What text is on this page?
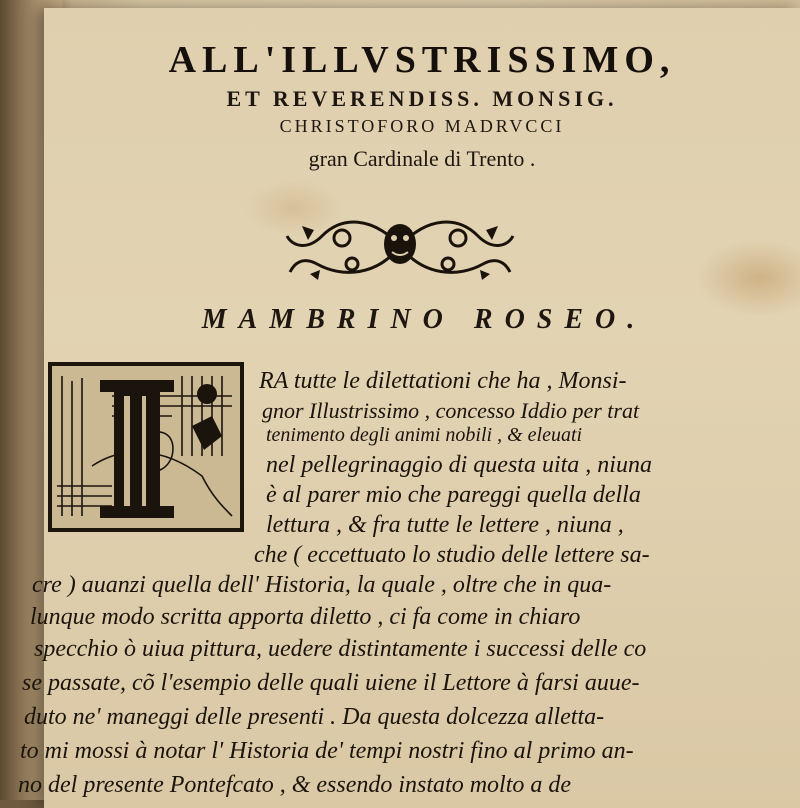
ALL'ILLVSTRISSIMO,
ET REVERENDISS. MONSIG.
CHRISTOFORO MADRVCCI
gran Cardinale di Trento .
MAMBRINO ROSEO.
RA tutte le dilettationi che ha , Monsi-
gnor Illustrissimo , concesso Iddio per trat
tenimento degli animi nobili , & eleuati
nel pellegrinaggio di questa uita , niuna
è al parer mio che pareggi quella della
lettura , & fra tutte le lettere , niuna ,
che ( eccettuato lo studio delle lettere sa-
cre ) auanzi quella dell' Historia, la quale , oltre che in qua-
lunque modo scritta apporta diletto , ci fa come in chiaro
specchio ò uiua pittura, uedere distintamente i successi delle co
se passate, cõ l'esempio delle quali uiene il Lettore à farsi auue-
duto ne' maneggi delle presenti . Da questa dolcezza alletta-
to mi mossi à notar l' Historia de' tempi nostri fino al primo an-
no del presente Pontefcato , & essendo instato molto a de
